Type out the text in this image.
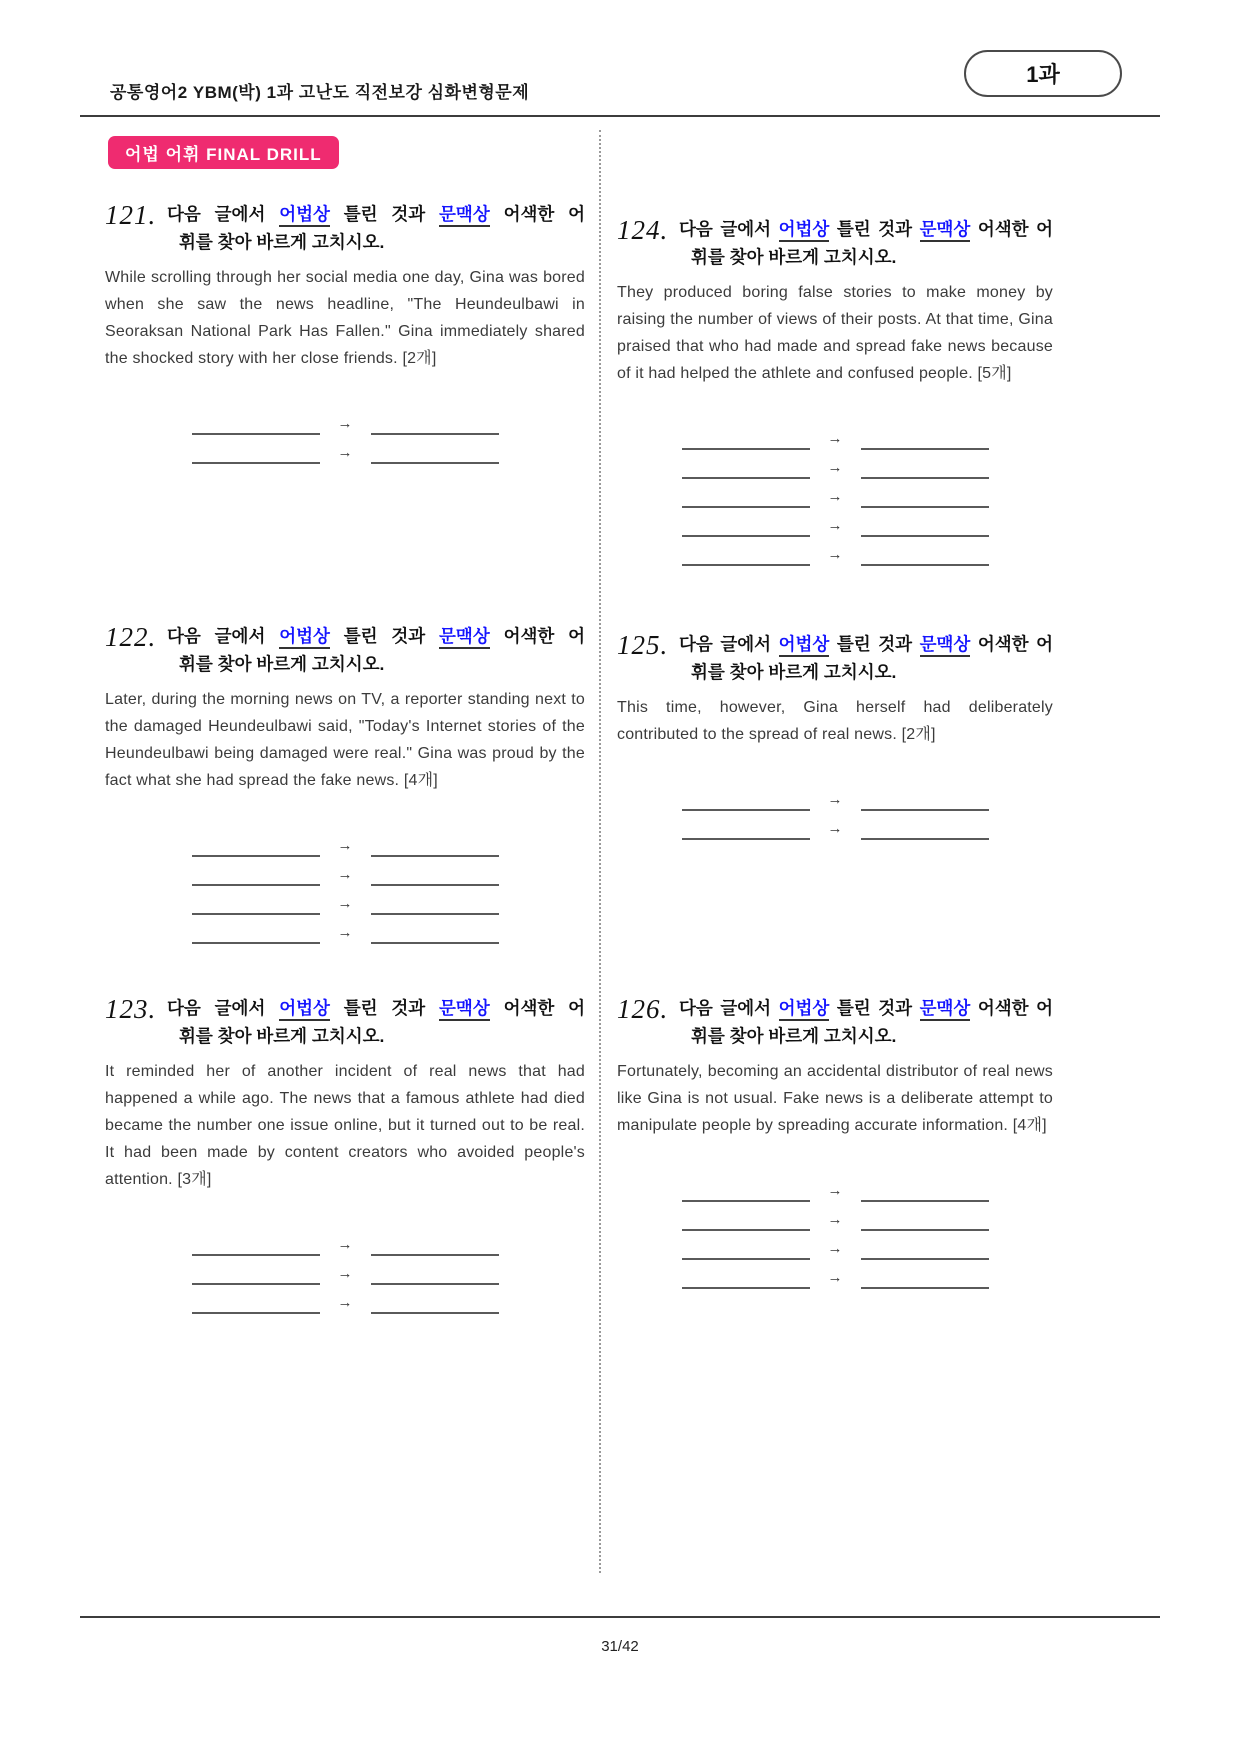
1과
공통영어2 YBM(박) 1과 고난도 직전보강 심화변형문제
어법 어휘 FINAL DRILL
121. 다음 글에서 어법상 틀린 것과 문맥상 어색한 어
휘를 찾아 바르게 고치시오.
While scrolling through her social media one day, Gina was bored when she saw the news headline, "The Heundeulbawi in Seoraksan National Park Has Fallen." Gina immediately shared the shocked story with her close friends. [2개]
→
→
122. 다음 글에서 어법상 틀린 것과 문맥상 어색한 어
휘를 찾아 바르게 고치시오.
Later, during the morning news on TV, a reporter standing next to the damaged Heundeulbawi said, "Today's Internet stories of the Heundeulbawi being damaged were real." Gina was proud by the fact what she had spread the fake news. [4개]
→
→
→
→
123. 다음 글에서 어법상 틀린 것과 문맥상 어색한 어
휘를 찾아 바르게 고치시오.
It reminded her of another incident of real news that had happened a while ago. The news that a famous athlete had died became the number one issue online, but it turned out to be real. It had been made by content creators who avoided people's attention. [3개]
→
→
→
124. 다음 글에서 어법상 틀린 것과 문맥상 어색한 어
휘를 찾아 바르게 고치시오.
They produced boring false stories to make money by raising the number of views of their posts. At that time, Gina praised that who had made and spread fake news because of it had helped the athlete and confused people. [5개]
→
→
→
→
→
125. 다음 글에서 어법상 틀린 것과 문맥상 어색한 어
휘를 찾아 바르게 고치시오.
This time, however, Gina herself had deliberately contributed to the spread of real news. [2개]
→
→
126. 다음 글에서 어법상 틀린 것과 문맥상 어색한 어
휘를 찾아 바르게 고치시오.
Fortunately, becoming an accidental distributor of real news like Gina is not usual. Fake news is a deliberate attempt to manipulate people by spreading accurate information. [4개]
→
→
→
→
31/42
